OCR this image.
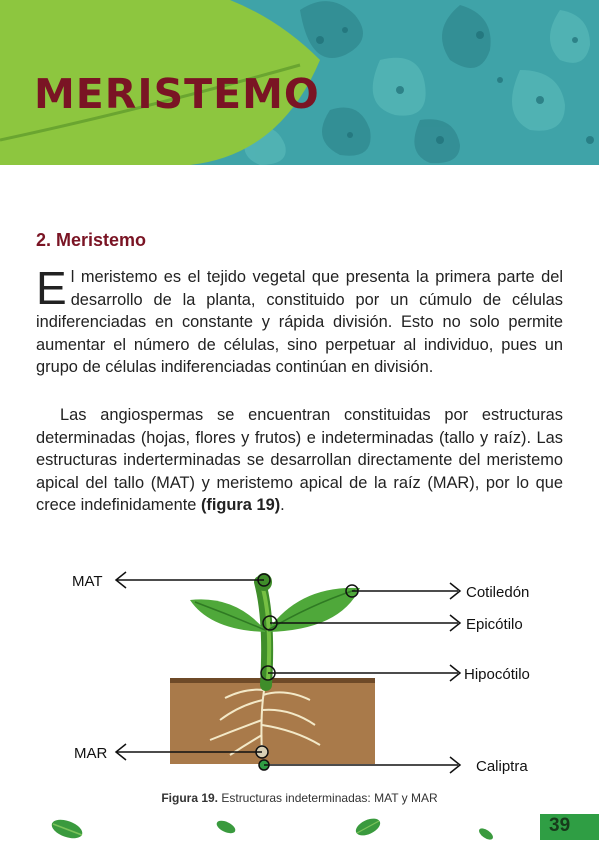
MERISTEMO
2. Meristemo

El meristemo es el tejido vegetal que presenta la primera parte del desarrollo de la planta, constituido por un cúmulo de células indiferenciadas en constante y rápida división. Esto no solo permite aumentar el número de células, sino perpetuar al individuo, pues un grupo de células indiferenciadas continúan en división.

Las angiospermas se encuentran constituidas por estructuras determinadas (hojas, flores y frutos) e indeterminadas (tallo y raíz). Las estructuras inderterminadas se desarrollan directamente del meristemo apical del tallo (MAT) y meristemo apical de la raíz (MAR), por lo que crece indefinidamente (figura 19).

MAT
MAR
Cotiledón
Epicótilo
Hipocótilo
Caliptra
Figura 19. Estructuras indeterminadas: MAT y MAR
39
